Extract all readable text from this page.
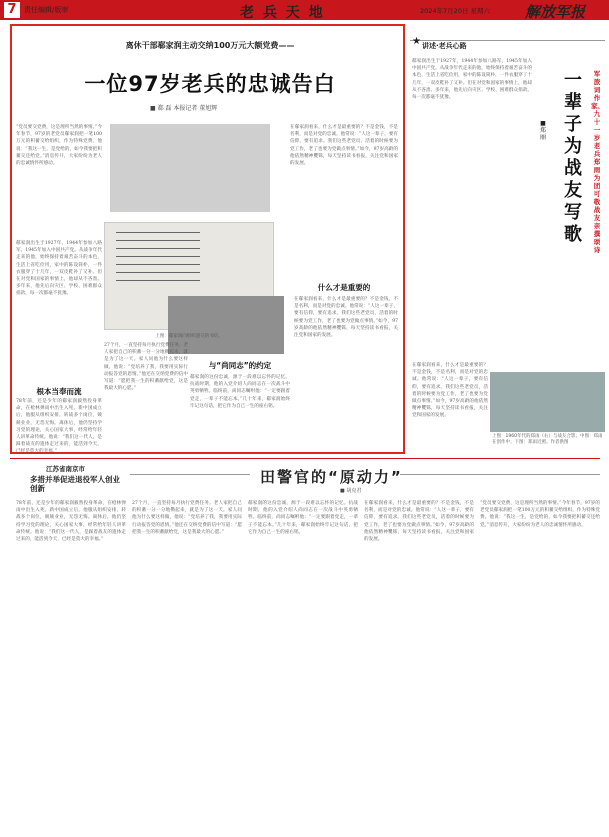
7	责任编辑/版审	老 兵 天 地	2024年7月20日 星期六 解放军报
离休干部郗家润主动交纳100万元大额党费——
一位97岁老兵的忠诚告白
■ 郗 磊 本报记者 董旭辉
“党员要交党费，这是理所当然的事情。”今年春节，97岁的老党员郗家润把一笔100万元的积蓄交给组织，作为特殊党费。他说：“我这一生，是党给的，如今我要把积蓄交还给党。”消息传开，大家纷纷为老人的忠诚情怀所感动。
郗家润出生于1927年，1944年参加八路军，1945年加入中国共产党。从战争年代走来的他，始终保持着艰苦奋斗的本色，生活上省吃俭用，家中的陈设简朴，一件衣服穿了十几年，一双皮鞋补了又补。但在对党和国家的事情上，他却从不吝啬。多年来，他先后向灾区、学校、困难群众捐款，每一次都毫不犹豫。
根本当奉而流
78年前，还是少年的郗家润毅然投身革命，在枪林弹雨中出生入死。新中国成立后，他服从组织安排，转战多个岗位，兢兢业业，无怨无悔。离休后，他仍坚持学习党的理论，关心国家大事，经常给年轻人讲革命传统。他说：“我们这一代人，是踩着战友的遗体走过来的，能活到今天，已经是莫大的幸福。”
上图：郗家润向组织递交的书信。
27个月，一直坚持每月执行党费任务。老人家把自己的积蓄一分一分地攒起来，就是为了这一天。家人问他为什么要这样做，他说：“党培养了我，我要用实际行动报答党的恩情。”他还在交纳党费的信中写道：“愿把我一生的积蓄献给党，这是我最大的心愿。”
与“尚同志”的约定
郗家润的这份忠诚，源于一段难以忘怀的记忆。抗战时期，他的入党介绍人尚同志在一次战斗中英勇牺牲。临终前，尚同志嘱咐他：“一定要跟着党走，一辈子不能忘本。”几十年来，郗家润始终牢记这句话，把它作为自己一生的座右铭。
在郗家润看来，什么才是最重要的？不是金钱，不是名利，而是对党的忠诚。他常说：“人这一辈子，要有信仰，要有追求。我们这些老党员，活着的时候要为党工作，老了也要为党做点事情。”如今，97岁高龄的他依然精神矍铄，每天坚持读书看报，关注党和国家的发展。
什么才是重要的
在郗家润看来，什么才是最重要的？不是金钱，不是名利，而是对党的忠诚。他常说：“人这一辈子，要有信仰，要有追求。我们这些老党员，活着的时候要为党工作，老了也要为党做点事情。”如今，97岁高龄的他依然精神矍铄，每天坚持读书看报，关注党和国家的发展。
★ 讲述·老兵心路
郗家润出生于1927年，1944年参加八路军，1945年加入中国共产党。从战争年代走来的他，始终保持着艰苦奋斗的本色，生活上省吃俭用，家中的陈设简朴，一件衣服穿了十几年，一双皮鞋补了又补。但在对党和国家的事情上，他却从不吝啬。多年来，他先后向灾区、学校、困难群众捐款，每一次都毫不犹豫。
一辈子为战友写歌
军旅词作家、九十一岁老兵郑雨为团可敬战友亲撰颂诗
■ 郑丽
在郗家润看来，什么才是最重要的？不是金钱，不是名利，而是对党的忠诚。他常说：“人这一辈子，要有信仰，要有追求。我们这些老党员，活着的时候要为党工作，老了也要为党做点事情。”如今，97岁高龄的他依然精神矍铄，每天坚持读书看报，关注党和国家的发展。
上图：1960年代的郑雨（右）与战友合影；中图：郑雨在创作中；下图：郑雨近照。作者供图
江苏省南京市
多措并举促进退役军人创业创新
田警官的“原动力”
■ 胡克君
78年前，还是少年的郗家润毅然投身革命，在枪林弹雨中出生入死。新中国成立后，他服从组织安排，转战多个岗位，兢兢业业，无怨无悔。离休后，他仍坚持学习党的理论，关心国家大事，经常给年轻人讲革命传统。他说：“我们这一代人，是踩着战友的遗体走过来的，能活到今天，已经是莫大的幸福。”
27个月，一直坚持每月执行党费任务。老人家把自己的积蓄一分一分地攒起来，就是为了这一天。家人问他为什么要这样做，他说：“党培养了我，我要用实际行动报答党的恩情。”他还在交纳党费的信中写道：“愿把我一生的积蓄献给党，这是我最大的心愿。”
郗家润的这份忠诚，源于一段难以忘怀的记忆。抗战时期，他的入党介绍人尚同志在一次战斗中英勇牺牲。临终前，尚同志嘱咐他：“一定要跟着党走，一辈子不能忘本。”几十年来，郗家润始终牢记这句话，把它作为自己一生的座右铭。
在郗家润看来，什么才是最重要的？不是金钱，不是名利，而是对党的忠诚。他常说：“人这一辈子，要有信仰，要有追求。我们这些老党员，活着的时候要为党工作，老了也要为党做点事情。”如今，97岁高龄的他依然精神矍铄，每天坚持读书看报，关注党和国家的发展。
“党员要交党费，这是理所当然的事情。”今年春节，97岁的老党员郗家润把一笔100万元的积蓄交给组织，作为特殊党费。他说：“我这一生，是党给的，如今我要把积蓄交还给党。”消息传开，大家纷纷为老人的忠诚情怀所感动。
